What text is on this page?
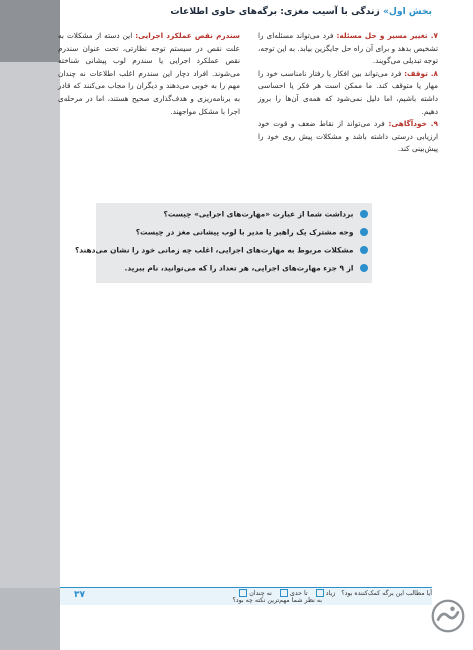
بخش اول» زندگی با آسیب مغزی: برگه‌های حاوی اطلاعات

۷. تغییر مسیر و حل مسئله: فرد می‌تواند مسئله‌ای را تشخیص بدهد و برای آن راه حل جایگزین بیابد. به این توجه، توجه تبدیلی می‌گویند.

۸. توقف: فرد می‌تواند بین افکار یا رفتار نامناسب خود را مهار یا متوقف کند. ما ممکن است هر فکر یا احساسی داشته باشیم، اما دلیل نمی‌شود که همه‌ی آن‌ها را بروز دهیم.

۹. خودآگاهی: فرد می‌تواند از نقاط ضعف و قوت خود ارزیابی درستی داشته باشد و مشکلات پیش روی خود را پیش‌بینی کند.

سندرم نقص عملکرد اجرایی: این دسته از مشکلات به علت نقص در سیستم توجه نظارتی، تحت عنوان سندرم نقص عملکرد اجرایی یا سندرم لوب پیشانی شناخته می‌شوند. افراد دچار این سندرم اغلب اطلاعات نه چندان مهم را به خوبی می‌دهند و دیگران را مجاب می‌کنند که قادر به برنامه‌ریزی و هدف‌گذاری صحیح هستند، اما در مرحله‌ی اجرا با مشکل مواجهند.

برداشت شما از عبارت «مهارت‌های اجرایی» چیست؟
وجه مشترک یک راهبر یا مدیر با لوب پیشانی مغز در چیست؟
مشکلات مربوط به مهارت‌های اجرایی، اغلب چه زمانی خود را نشان می‌دهند؟
از ۹ جزء مهارت‌های اجرایی، هر تعداد را که می‌توانید، نام ببرید.
۳۷	آیا مطالب این برگه کمک‌کننده بود؟ زیاد  تا حدی  نه چندان
به نظر شما مهم‌ترین نکته چه بود؟
